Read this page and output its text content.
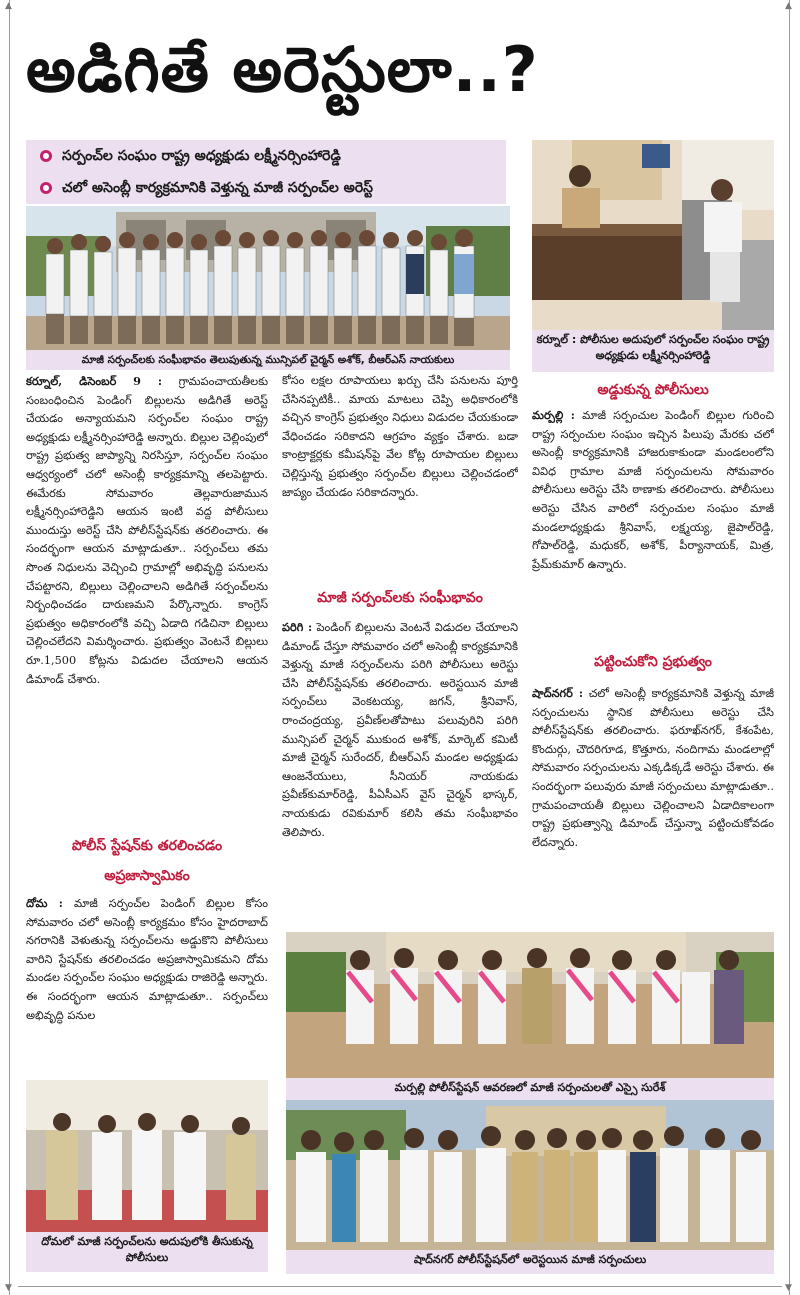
▲
▼
▲
▼
అడిగితే అరెస్టులా..?
సర్పంచ్‌ల సంఘం రాష్ట్ర అధ్యక్షుడు లక్ష్మీనర్సింహారెడ్డి
చలో అసెంబ్లీ కార్యక్రమానికి వెళ్తున్న మాజీ సర్పంచ్‌ల అరెస్ట్
మాజీ సర్పంచ్‌లకు సంఘీభావం తెలుపుతున్న మున్సిపల్ చైర్మన్ అశోక్, బీఆర్ఎస్ నాయకులు
కర్నూల్ : పోలీసుల అదుపులో సర్పంచ్‌ల సంఘం రాష్ట్ర అధ్యక్షుడు లక్ష్మీనర్సింహారెడ్డి
కర్నూల్, డిసెంబర్ 9 : గ్రామపంచాయతీలకు సంబంధించిన పెండింగ్ బిల్లులను అడిగితే అరెస్ట్ చేయడం అన్యాయమని సర్పంచ్‌ల సంఘం రాష్ట్ర అధ్యక్షుడు లక్ష్మీనర్సింహారెడ్డి అన్నారు. బిల్లుల చెల్లింపులో రాష్ట్ర ప్రభుత్వ జాప్యాన్ని నిరసిస్తూ, సర్పంచ్‌ల సంఘం ఆధ్వర్యంలో చలో అసెంబ్లీ కార్యక్రమాన్ని తలపెట్టారు. ఈమేరకు సోమవారం తెల్లవారుజామున లక్ష్మీనర్సింహారెడ్డిని ఆయన ఇంటి వద్ద పోలీసులు ముందుస్తు అరెస్ట్ చేసి పోలీస్‌స్టేషన్‌కు తరలించారు. ఈ సందర్భంగా ఆయన మాట్లాడుతూ.. సర్పంచ్‌లు తమ సొంత నిధులను వెచ్చించి గ్రామాల్లో అభివృద్ధి పనులను చేపట్టారని, బిల్లులు చెల్లించాలని అడిగితే సర్పంచ్‌లను నిర్బంధించడం దారుణమని పేర్కొన్నారు. కాంగ్రెస్ ప్రభుత్వం అధికారంలోకి వచ్చి ఏడాది గడిచినా బిల్లులు చెల్లించలేదని విమర్శించారు. ప్రభుత్వం వెంటనే బిల్లులు రూ.1,500 కోట్లను విడుదల చేయాలని ఆయన డిమాండ్ చేశారు.
పోలీస్ స్టేషన్‌కు తరలించడం
అప్రజాస్వామికం
దోమ : మాజీ సర్పంచ్‌ల పెండింగ్ బిల్లుల కోసం సోమవారం చలో అసెంబ్లీ కార్యక్రమం కోసం హైదరాబాద్ నగరానికి వెళుతున్న సర్పంచ్‌లను అడ్డుకొని పోలీసులు వారిని స్టేషన్‌కు తరలించడం అప్రజాస్వామికమని దోమ మండల సర్పంచ్‌ల సంఘం అధ్యక్షుడు రాజిరెడ్డి అన్నారు. ఈ సందర్భంగా ఆయన మాట్లాడుతూ.. సర్పంచ్‌లు అభివృద్ధి పనుల
దోమలో మాజీ సర్పంచ్‌లను అదుపులోకి తీసుకున్న పోలీసులు
కోసం లక్షల రూపాయలు ఖర్చు చేసి పనులను పూర్తి చేసినప్పటికీ.. మాయ మాటలు చెప్పి అధికారంలోకి వచ్చిన కాంగ్రెస్ ప్రభుత్వం నిధులు విడుదల చేయకుండా వేధించడం సరికాదని ఆగ్రహం వ్యక్తం చేశారు. బడా కాంట్రాక్టర్లకు కమీషన్‌పై వేల కోట్ల రూపాయల బిల్లులు చెల్లిస్తున్న ప్రభుత్వం సర్పంచ్‌ల బిల్లులు చెల్లించడంలో జాప్యం చేయడం సరికాదన్నారు.
మాజీ సర్పంచ్‌లకు సంఘీభావం
పరిగి : పెండింగ్ బిల్లులను వెంటనే విడుదల చేయాలని డిమాండ్ చేస్తూ సోమవారం చలో అసెంబ్లీ కార్యక్రమానికి వెళ్తున్న మాజీ సర్పంచ్‌లను పరిగి పోలీసులు అరెస్టు చేసి పోలీస్‌స్టేషన్‌కు తరలించారు. అరెస్టయిన మాజీ సర్పంచ్‌లు వెంకటయ్య, జగన్, శ్రీనివాస్, రాంచంద్రయ్య, ప్రవీణ్‌లతోపాటు పలువురిని పరిగి మున్సిపల్ చైర్మన్ ముకుంద అశోక్, మార్కెట్ కమిటీ మాజీ చైర్మన్ సురేందర్, బీఆర్ఎస్ మండల అధ్యక్షుడు ఆంజనేయులు, సీనియర్ నాయకుడు ప్రవీణ్‌కుమార్‌రెడ్డి, పీఏసీఎస్ వైస్ చైర్మన్ భాస్కర్, నాయకుడు రవికుమార్ కలిసి తమ సంఘీభావం తెలిపారు.
అడ్డుకున్న పోలీసులు
మర్పల్లి : మాజీ సర్పంచుల పెండింగ్ బిల్లుల గురించి రాష్ట్ర సర్పంచుల సంఘం ఇచ్చిన పిలుపు మేరకు చలో అసెంబ్లీ కార్యక్రమానికి హాజరుకాకుండా మండలంలోని వివిధ గ్రామాల మాజీ సర్పంచులను సోమవారం పోలీసులు అరెస్టు చేసి ఠాణాకు తరలించారు. పోలీసులు అరెస్టు చేసిన వారిలో సర్పంచుల సంఘం మాజీ మండలాధ్యక్షుడు శ్రీనివాస్, లక్ష్మయ్య, జైపాల్‌రెడ్డి, గోపాల్‌రెడ్డి, మధుకర్, అశోక్, పీర్యానాయక్, మిత్ర, ప్రేమ్‌కుమార్ ఉన్నారు.
పట్టించుకోని ప్రభుత్వం
షాద్‌నగర్ : చలో అసెంబ్లీ కార్యక్రమానికి వెళ్తున్న మాజీ సర్పంచులను స్థానిక పోలీసులు అరెస్టు చేసి పోలీస్‌స్టేషన్‌కు తరలించారు. ఫరూఖ్‌నగర్, కేశంపేట, కొందుర్గు, చౌదరిగూడ, కొత్తూరు, నందిగామ మండలాల్లో సోమవారం సర్పంచులను ఎక్కడిక్కడే అరెస్టు చేశారు. ఈ సందర్భంగా పలువురు మాజీ సర్పంచులు మాట్లాడుతూ.. గ్రామపంచాయతీ బిల్లులు చెల్లించాలని ఏడాదికాలంగా రాష్ట్ర ప్రభుత్వాన్ని డిమాండ్ చేస్తున్నా పట్టించుకోవడం లేదన్నారు.
మర్పల్లి పోలీస్‌స్టేషన్ ఆవరణలో మాజీ సర్పంచులతో ఎస్సై సురేశ్
షాద్‌నగర్ పోలీస్‌స్టేషన్‌లో అరెస్టయిన మాజీ సర్పంచులు
